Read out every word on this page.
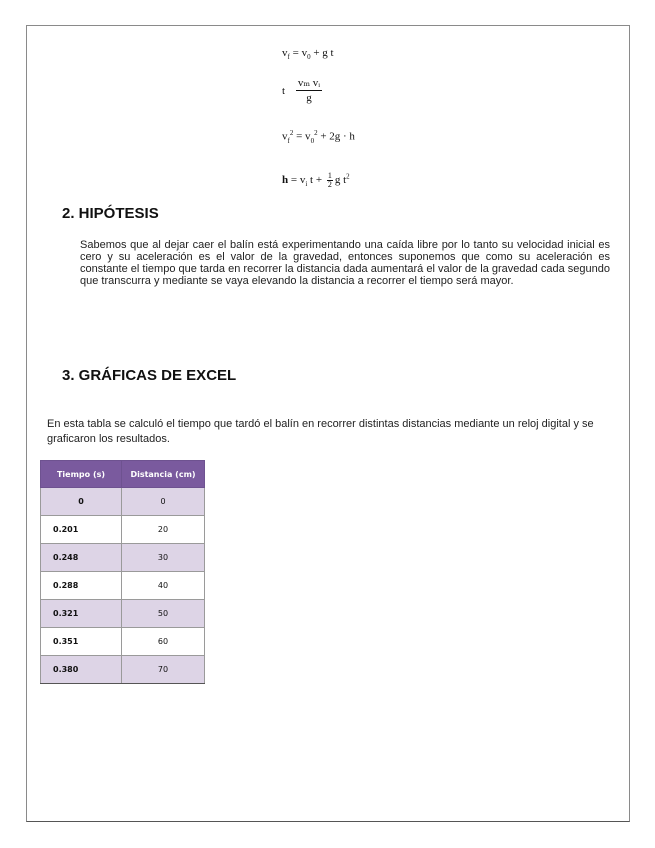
$v_f = v_0 + g$ t
t $\frac{\text{vₘ vᵢ}}{g}$
$v_f^2 = v_0^2 + 2g \cdot h$
$h = v_i$ $t + \frac{1}{2}$ g $t^2$
2. HIPÓTESIS
Sabemos que al dejar caer el balín está experimentando una caída libre por lo tanto su velocidad inicial es cero y su aceleración es el valor de la gravedad, entonces suponemos que como su aceleración es constante el tiempo que tarda en recorrer la distancia dada aumentará el valor de la gravedad cada segundo que transcurra y mediante se vaya elevando la distancia a recorrer el tiempo será mayor.
3. GRÁFICAS DE EXCEL
En esta tabla se calculó el tiempo que tardó el balín en recorrer distintas distancias mediante un reloj digital y se graficaron los resultados.
Tiempo (s)	Distancia (cm)
0	0
0.201	20
0.248	30
0.288	40
0.321	50
0.351	60
0.380	70
